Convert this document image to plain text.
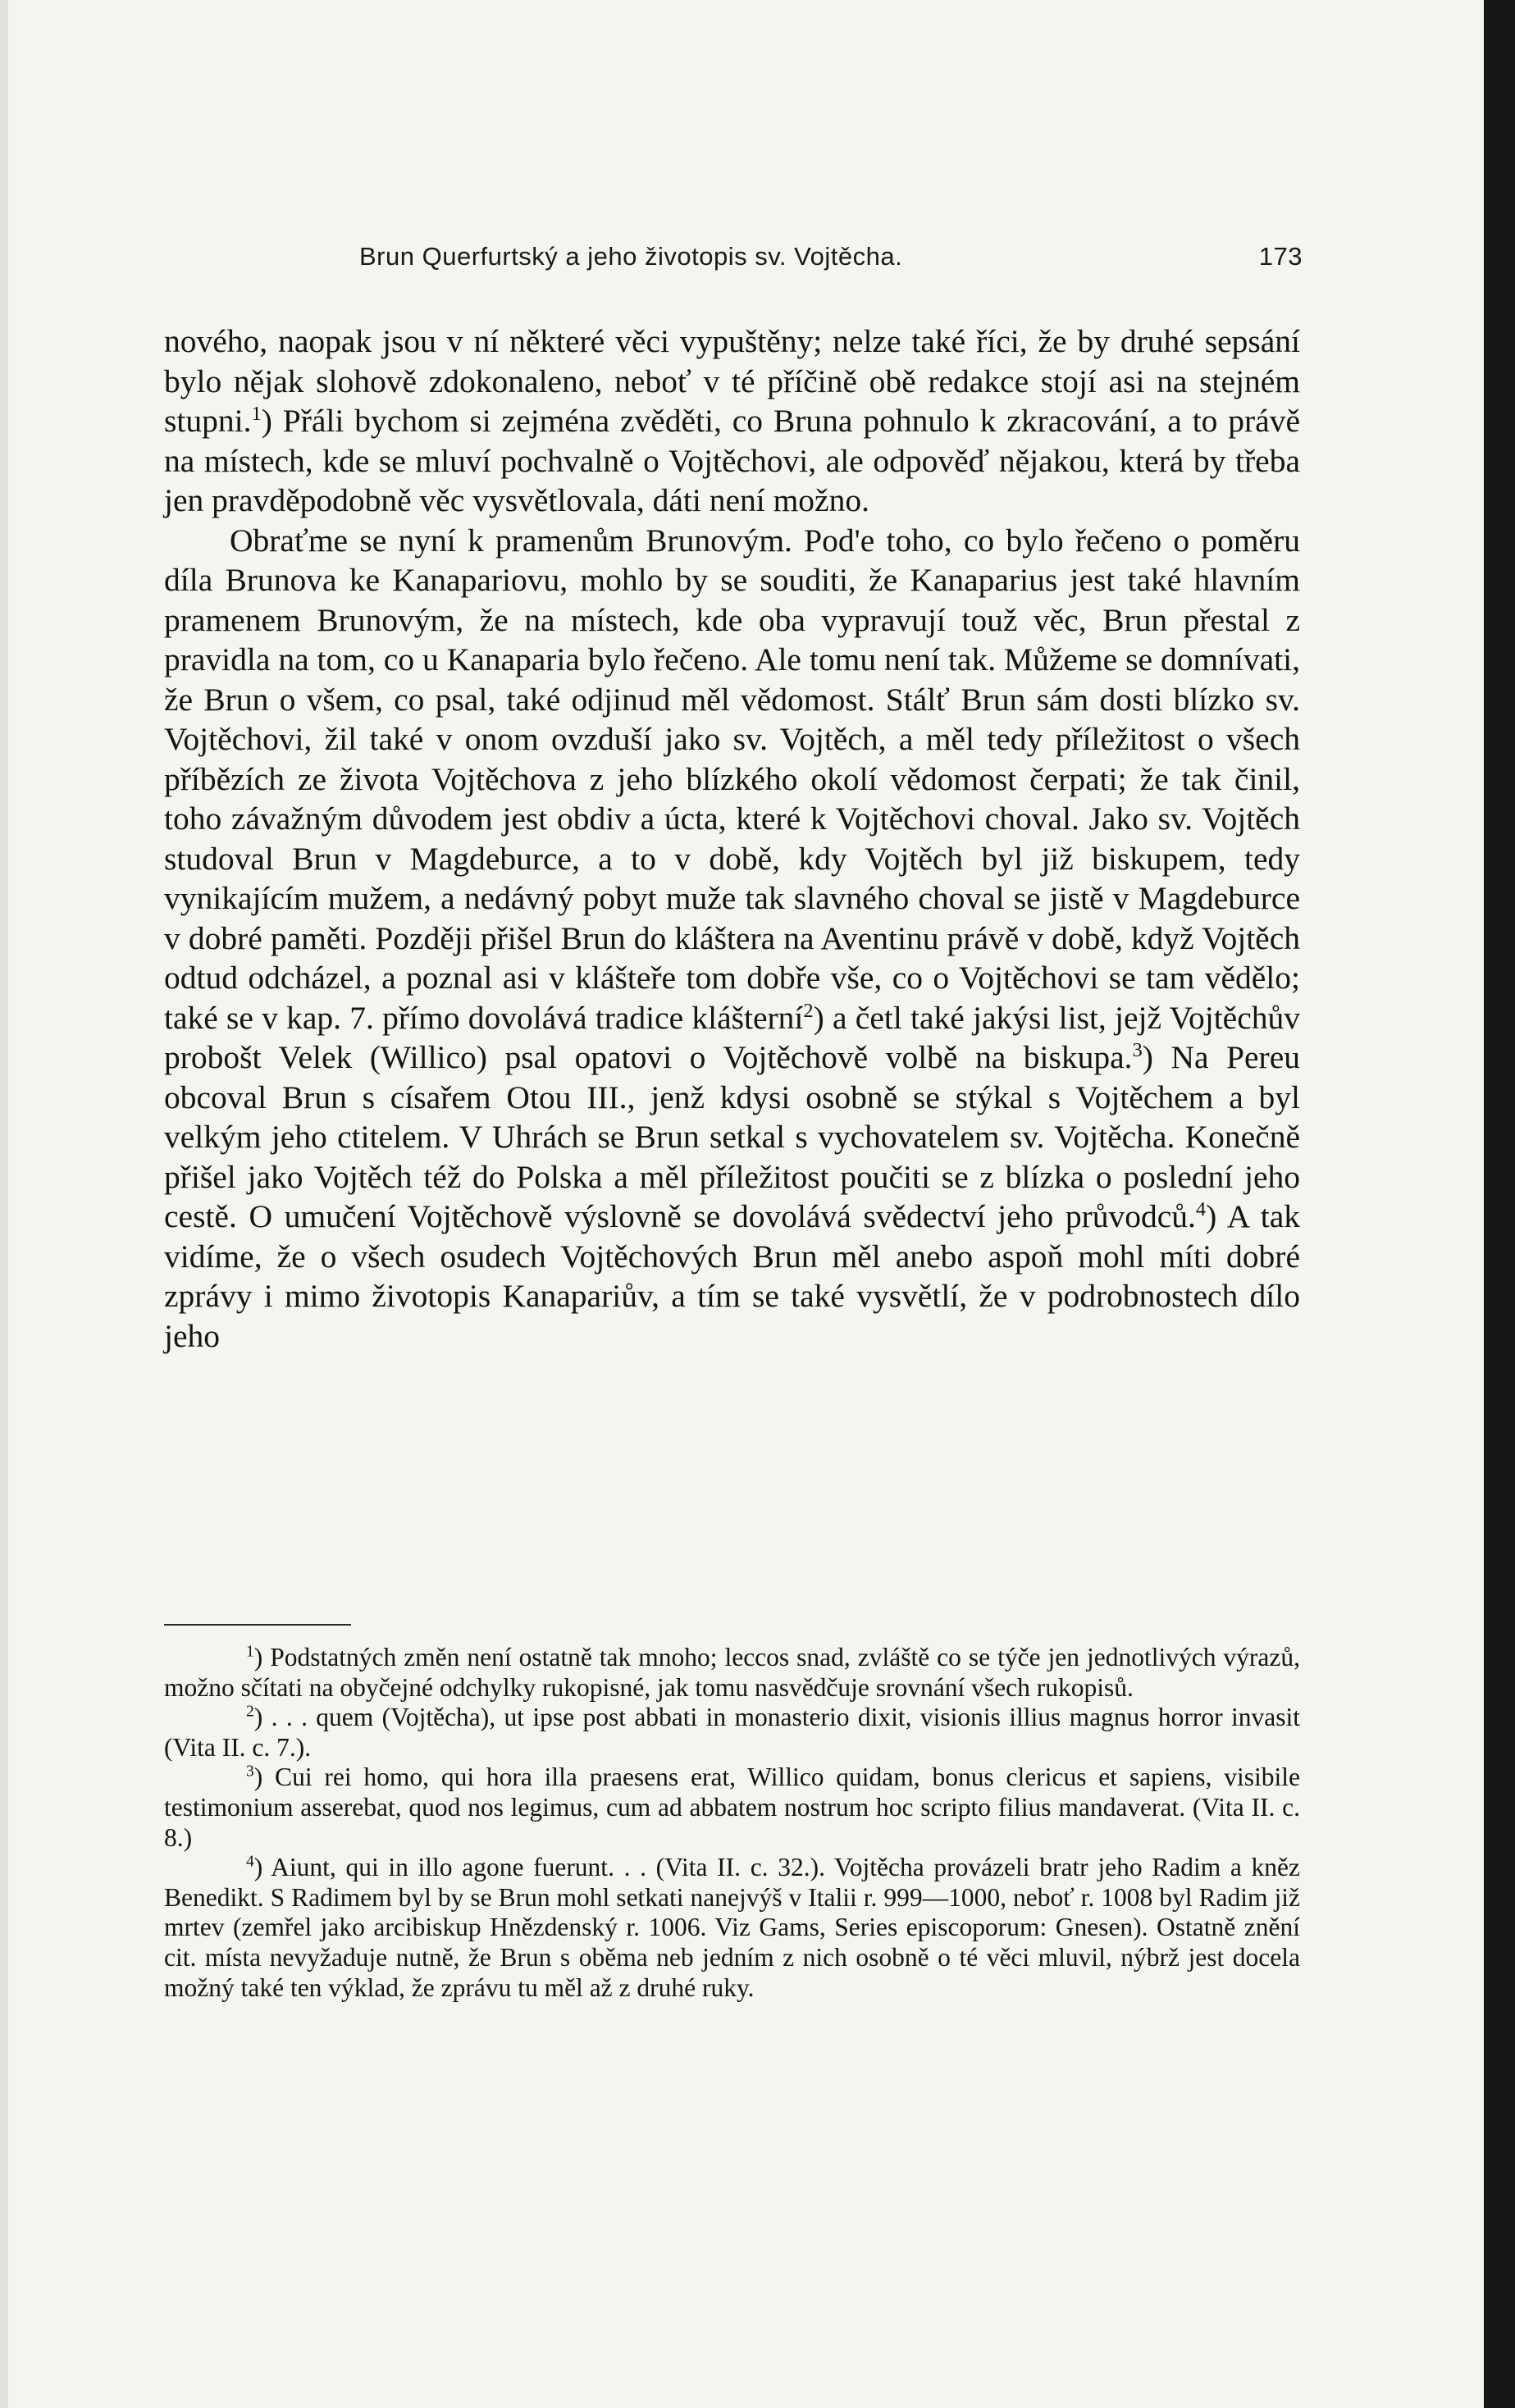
Brun Querfurtský a jeho životopis sv. Vojtěcha.	173

nového, naopak jsou v ní některé věci vypuštěny; nelze také říci, že by druhé sepsání bylo nějak slohově zdokonaleno, neboť v té příčině obě redakce stojí asi na stejném stupni.$^1$) Přáli bychom si zejména zvěděti, co Bruna pohnulo k zkracování, a to právě na místech, kde se mluví pochvalně o Vojtěchovi, ale odpověď nějakou, která by třeba jen pravděpodobně věc vysvětlovala, dáti není možno.

Obraťme se nyní k pramenům Brunovým. Pod'e toho, co bylo řečeno o poměru díla Brunova ke Kanapariovu, mohlo by se souditi, že Kanaparius jest také hlavním pramenem Brunovým, že na místech, kde oba vypravují touž věc, Brun přestal z pravidla na tom, co u Kanaparia bylo řečeno. Ale tomu není tak. Můžeme se domnívati, že Brun o všem, co psal, také odjinud měl vědomost. Stálť Brun sám dosti blízko sv. Vojtěchovi, žil také v onom ovzduší jako sv. Vojtěch, a měl tedy příležitost o všech příbězích ze života Vojtěchova z jeho blízkého okolí vědomost čerpati; že tak činil, toho závažným důvodem jest obdiv a úcta, které k Vojtěchovi choval. Jako sv. Vojtěch studoval Brun v Magdeburce, a to v době, kdy Vojtěch byl již biskupem, tedy vynikajícím mužem, a nedávný pobyt muže tak slavného choval se jistě v Magdeburce v dobré paměti. Později přišel Brun do kláštera na Aventinu právě v době, když Vojtěch odtud odcházel, a poznal asi v klášteře tom dobře vše, co o Vojtěchovi se tam vědělo; také se v kap. 7. přímo dovolává tradice klášterní$^2$) a četl také jakýsi list, jejž Vojtěchův probošt Velek (Willico) psal opatovi o Vojtěchově volbě na biskupa.$^3$) Na Pereu obcoval Brun s císařem Otou III., jenž kdysi osobně se stýkal s Vojtěchem a byl velkým jeho ctitelem. V Uhrách se Brun setkal s vychovatelem sv. Vojtěcha. Konečně přišel jako Vojtěch též do Polska a měl příležitost poučiti se z blízka o poslední jeho cestě. O umučení Vojtěchově výslovně se dovolává svědectví jeho průvodců.$^4$) A tak vidíme, že o všech osudech Vojtěchových Brun měl anebo aspoň mohl míti dobré zprávy i mimo životopis Kanapariův, a tím se také vysvětlí, že v podrobnostech dílo jeho

$^1$) Podstatných změn není ostatně tak mnoho; leccos snad, zvláště co se týče jen jednotlivých výrazů, možno sčítati na obyčejné odchylky rukopisné, jak tomu nasvědčuje srovnání všech rukopisů.

$^2$) . . . quem (Vojtěcha), ut ipse post abbati in monasterio dixit, visionis illius magnus horror invasit (Vita II. c. 7.).

$^3$) Cui rei homo, qui hora illa praesens erat, Willico quidam, bonus clericus et sapiens, visibile testimonium asserebat, quod nos legimus, cum ad abbatem nostrum hoc scripto filius mandaverat. (Vita II. c. 8.)

$^4$) Aiunt, qui in illo agone fuerunt. . . (Vita II. c. 32.). Vojtěcha provázeli bratr jeho Radim a kněz Benedikt. S Radimem byl by se Brun mohl setkati nanejvýš v Italii r. 999—1000, neboť r. 1008 byl Radim již mrtev (zemřel jako arcibiskup Hnězdenský r. 1006. Viz Gams, Series episcoporum: Gnesen). Ostatně znění cit. místa nevyžaduje nutně, že Brun s oběma neb jedním z nich osobně o té věci mluvil, nýbrž jest docela možný také ten výklad, že zprávu tu měl až z druhé ruky.
